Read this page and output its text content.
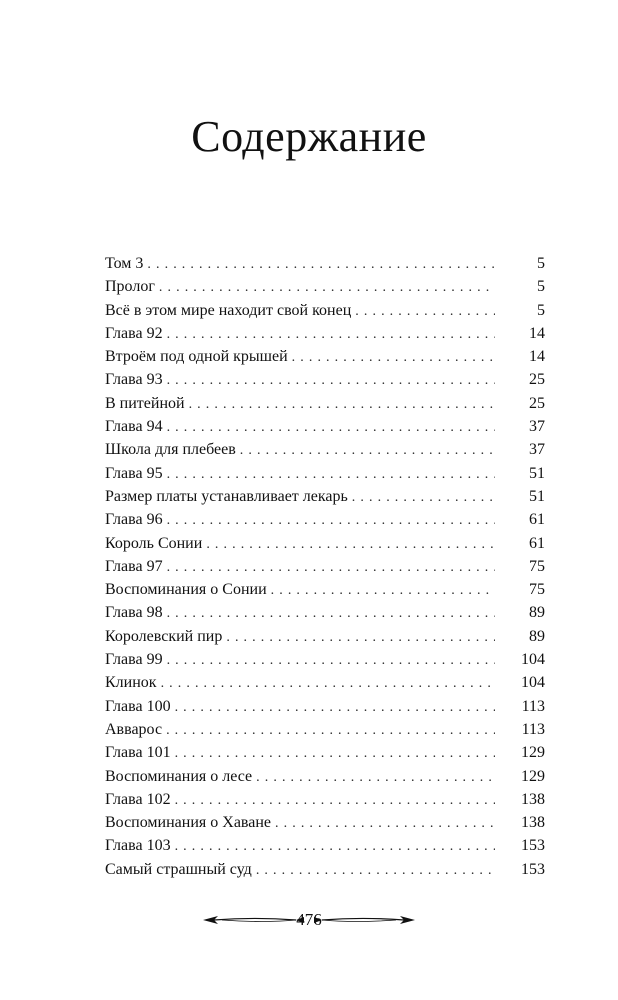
Содержание
Том 3 . . .	5
Пролог . . .	5
Всё в этом мире находит свой конец . . .	5
Глава 92 . . .	14
Втроём под одной крышей . . .	14
Глава 93 . . .	25
В питейной . . .	25
Глава 94 . . .	37
Школа для плебеев . . .	37
Глава 95 . . .	51
Размер платы устанавливает лекарь . . .	51
Глава 96 . . .	61
Король Сонии . . .	61
Глава 97 . . .	75
Воспоминания о Сонии . . .	75
Глава 98 . . .	89
Королевский пир . . .	89
Глава 99 . . .	104
Клинок . . .	104
Глава 100 . . .	113
Авварос . . .	113
Глава 101 . . .	129
Воспоминания о лесе . . .	129
Глава 102 . . .	138
Воспоминания о Хаване . . .	138
Глава 103 . . .	153
Самый страшный суд . . .	153
476
